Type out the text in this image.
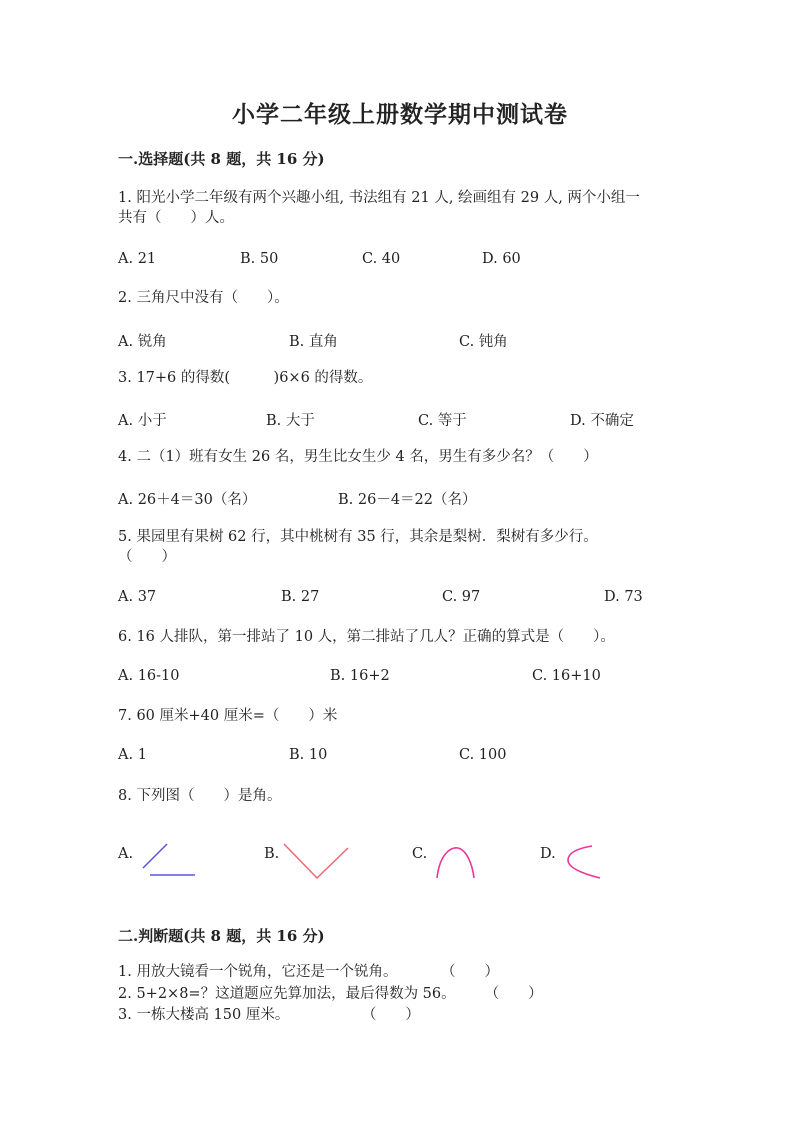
小学二年级上册数学期中测试卷
一.选择题(共 8 题，共 16 分)
1. 阳光小学二年级有两个兴趣小组, 书法组有 21 人, 绘画组有 29 人, 两个小组一
共有（　　）人。
A. 21	B. 50	C. 40	D. 60
2. 三角尺中没有（　　）。
A. 锐角	B. 直角	C. 钝角
3. 17+6 的得数(　　　)6×6 的得数。
A. 小于	B. 大于	C. 等于	D. 不确定
4. 二（1）班有女生 26 名，男生比女生少 4 名，男生有多少名？（　　）
A. 26＋4＝30（名）	B. 26－4＝22（名）
5. 果园里有果树 62 行，其中桃树有 35 行，其余是梨树．梨树有多少行。
（　　）
A. 37	B. 27	C. 97	D. 73
6. 16 人排队，第一排站了 10 人，第二排站了几人？正确的算式是（　　）。
A. 16-10	B. 16+2	C. 16+10
7. 60 厘米+40 厘米=（　　）米
A. 1	B. 10	C. 100
8. 下列图（　　）是角。
A.	B.	C.	D.
二.判断题(共 8 题，共 16 分)
1. 用放大镜看一个锐角，它还是一个锐角。　　　　（　　）
2. 5+2×8=？这道题应先算加法，最后得数为 56。　　　（　　）
3. 一栋大楼高 150 厘米。　　　　　　（　　）
